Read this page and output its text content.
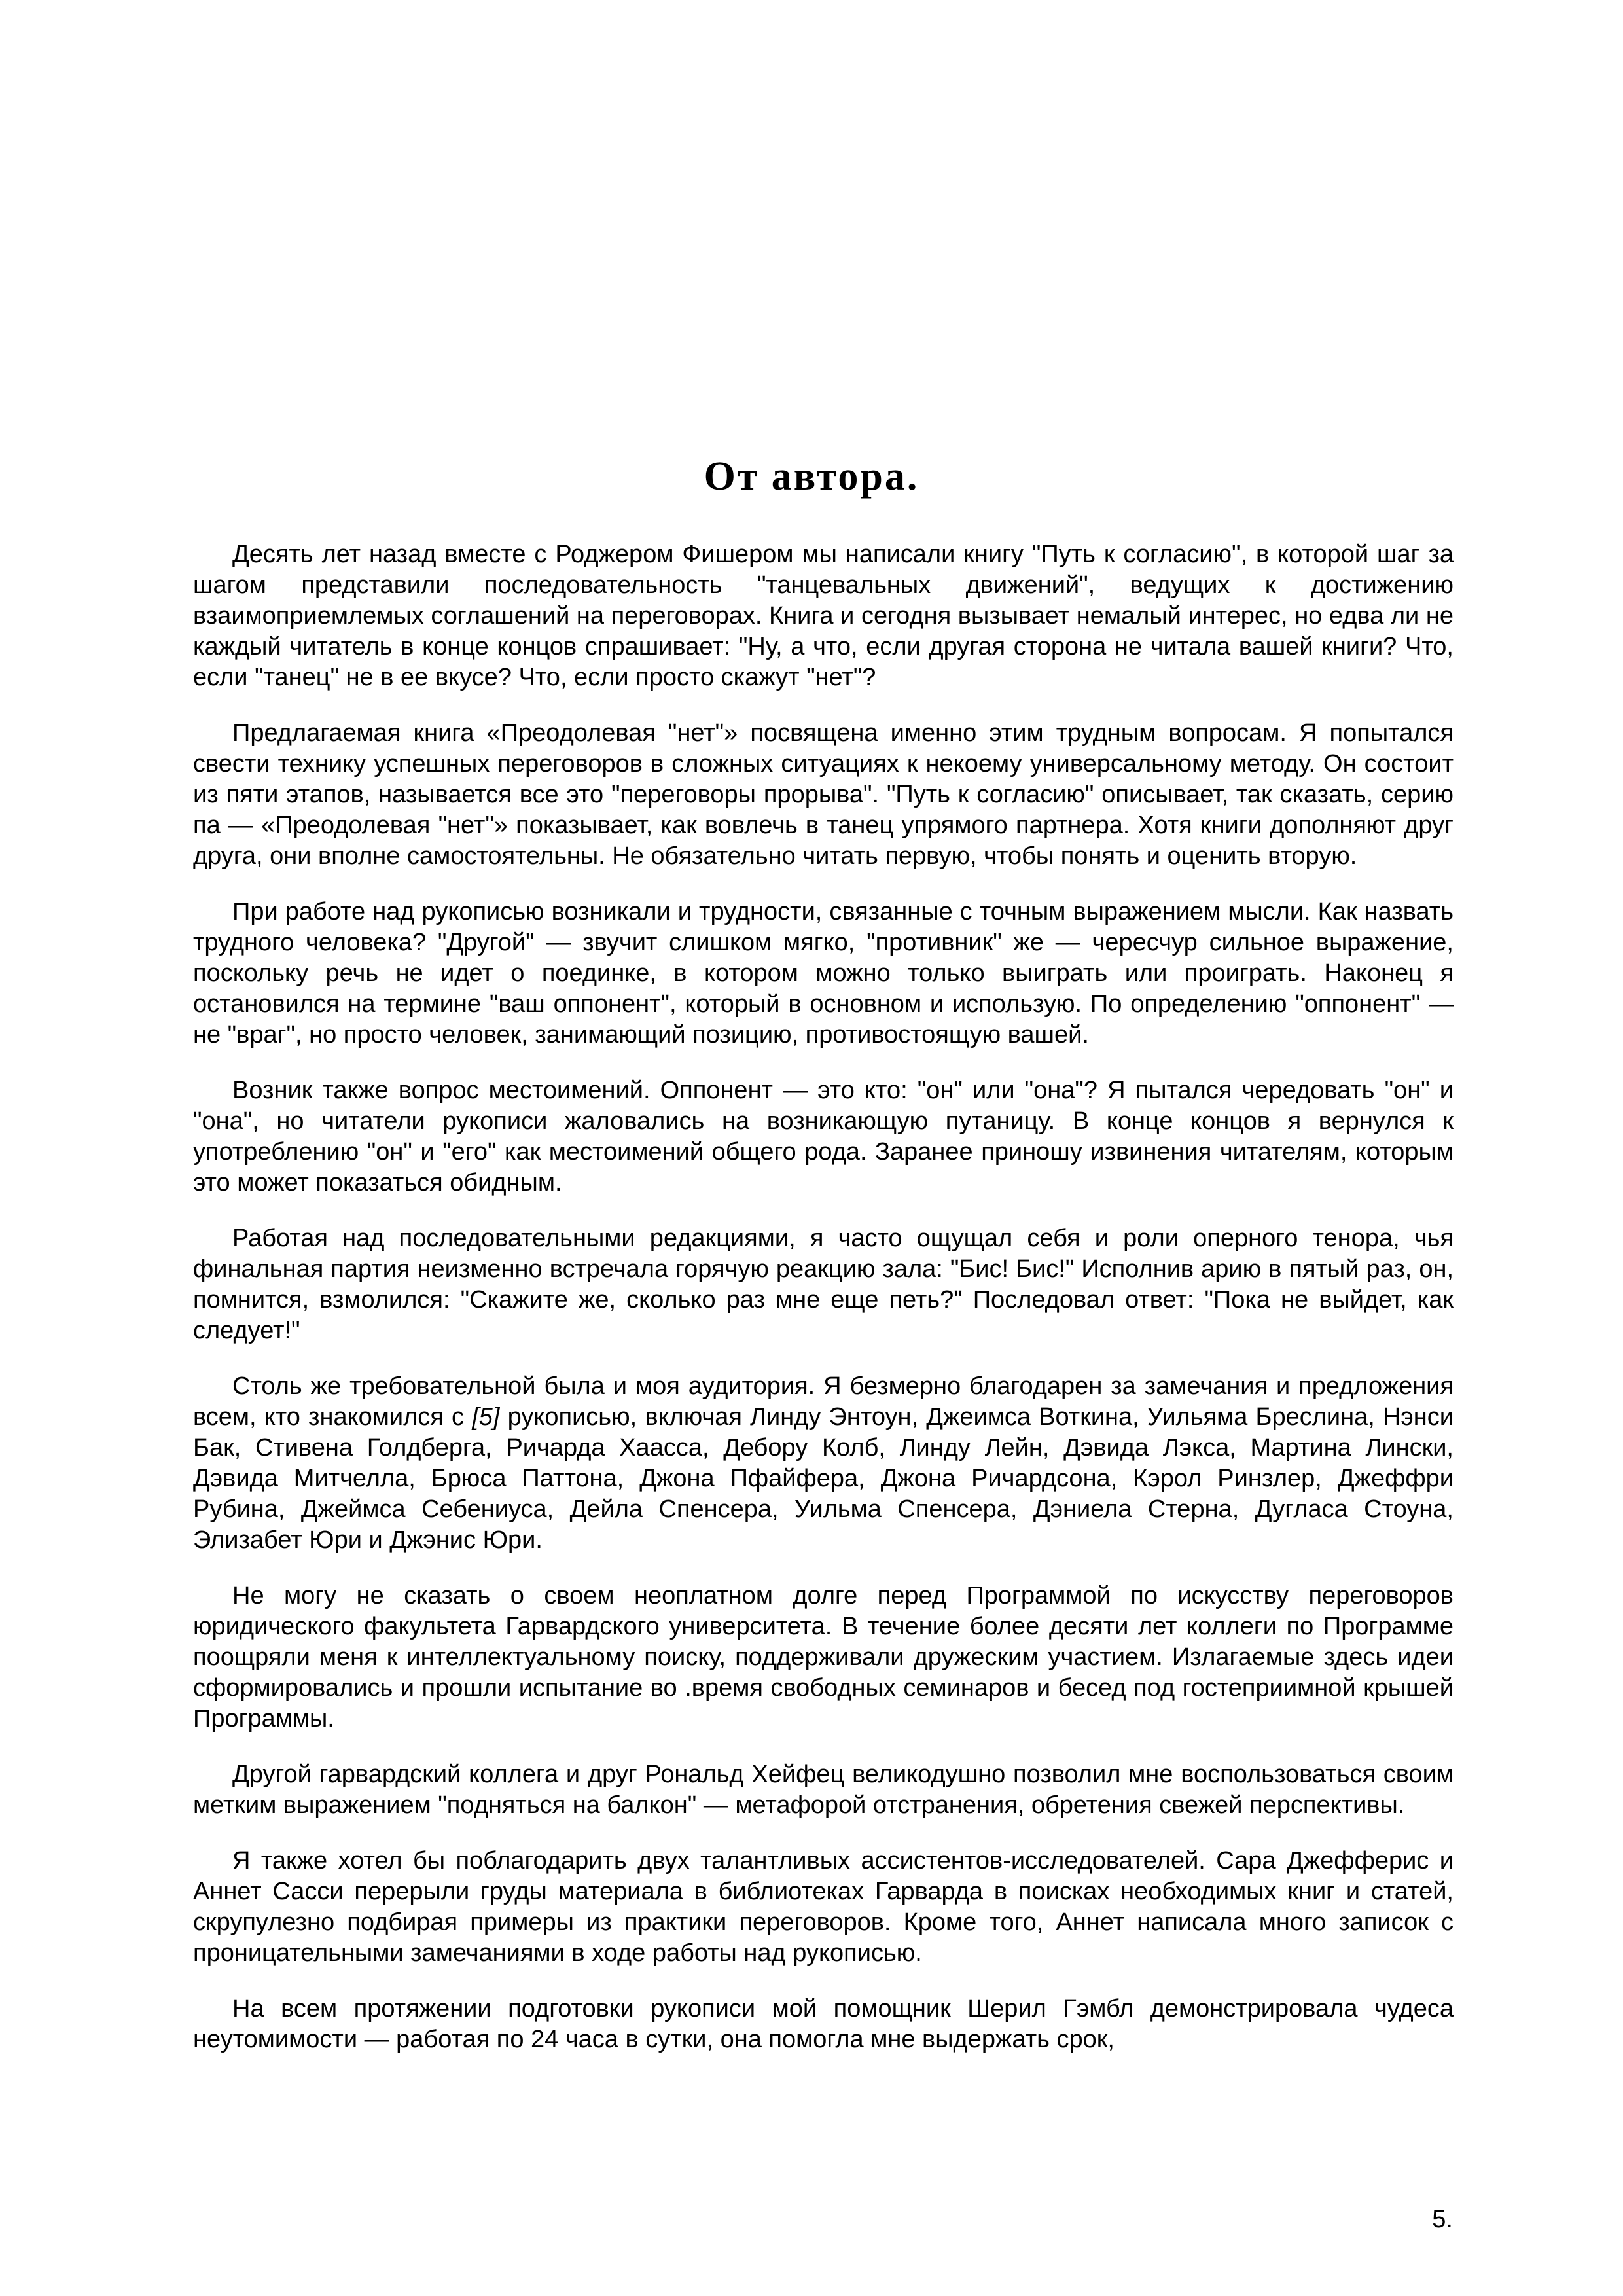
От автора.

Десять лет назад вместе с Роджером Фишером мы написали книгу "Путь к согласию", в которой шаг за шагом представили последовательность "танцевальных движений", ведущих к достижению взаимоприемлемых соглашений на переговорах. Книга и сегодня вызывает немалый интерес, но едва ли не каждый читатель в конце концов спрашивает: "Ну, а что, если другая сторона не читала вашей книги? Что, если "танец" не в ее вкусе? Что, если просто скажут "нет"?

Предлагаемая книга «Преодолевая "нет"» посвящена именно этим трудным вопросам. Я попытался свести технику успешных переговоров в сложных ситуациях к некоему универсальному методу. Он состоит из пяти этапов, называется все это "переговоры прорыва". "Путь к согласию" описывает, так сказать, серию па — «Преодолевая "нет"» показывает, как вовлечь в танец упрямого партнера. Хотя книги дополняют друг друга, они вполне самостоятельны. Не обязательно читать первую, чтобы понять и оценить вторую.

При работе над рукописью возникали и трудности, связанные с точным выражением мысли. Как назвать трудного человека? "Другой" — звучит слишком мягко, "противник" же — чересчур сильное выражение, поскольку речь не идет о поединке, в котором можно только выиграть или проиграть. Наконец я остановился на термине "ваш оппонент", который в основном и использую. По определению "оппонент" — не "враг", но просто человек, занимающий позицию, противостоящую вашей.

Возник также вопрос местоимений. Оппонент — это кто: "он" или "она"? Я пытался чередовать "он" и "она", но читатели рукописи жаловались на возникающую путаницу. В конце концов я вернулся к употреблению "он" и "его" как местоимений общего рода. Заранее приношу извинения читателям, которым это может показаться обидным.

Работая над последовательными редакциями, я часто ощущал себя и роли оперного тенора, чья финальная партия неизменно встречала горячую реакцию зала: "Бис! Бис!" Исполнив арию в пятый раз, он, помнится, взмолился: "Скажите же, сколько раз мне еще петь?" Последовал ответ: "Пока не выйдет, как следует!"

Столь же требовательной была и моя аудитория. Я безмерно благодарен за замечания и предложения всем, кто знакомился с [5] рукописью, включая Линду Энтоун, Джеимса Воткина, Уильяма Бреслина, Нэнси Бак, Стивена Голдберга, Ричарда Хаасса, Дебору Колб, Линду Лейн, Дэвида Лэкса, Мартина Лински, Дэвида Митчелла, Брюса Паттона, Джона Пфайфера, Джона Ричардсона, Кэрол Ринзлер, Джеффри Рубина, Джеймса Себениуса, Дейла Спенсера, Уильма Спенсера, Дэниела Стерна, Дугласа Стоуна, Элизабет Юри и Джэнис Юри.

Не могу не сказать о своем неоплатном долге перед Программой по искусству переговоров юридического факультета Гарвардского университета. В течение более десяти лет коллеги по Программе поощряли меня к интеллектуальному поиску, поддерживали дружеским участием. Излагаемые здесь идеи сформировались и прошли испытание во .время свободных семинаров и бесед под гостеприимной крышей Программы.

Другой гарвардский коллега и друг Рональд Хейфец великодушно позволил мне воспользоваться своим метким выражением "подняться на балкон" — метафорой отстранения, обретения свежей перспективы.

Я также хотел бы поблагодарить двух талантливых ассистентов-исследователей. Сара Джефферис и Аннет Сасси перерыли груды материала в библиотеках Гарварда в поисках необходимых книг и статей, скрупулезно подбирая примеры из практики переговоров. Кроме того, Аннет написала много записок с проницательными замечаниями в ходе работы над рукописью.

На всем протяжении подготовки рукописи мой помощник Шерил Гэмбл демонстрировала чудеса неутомимости — работая по 24 часа в сутки, она помогла мне выдержать срок,

5.
